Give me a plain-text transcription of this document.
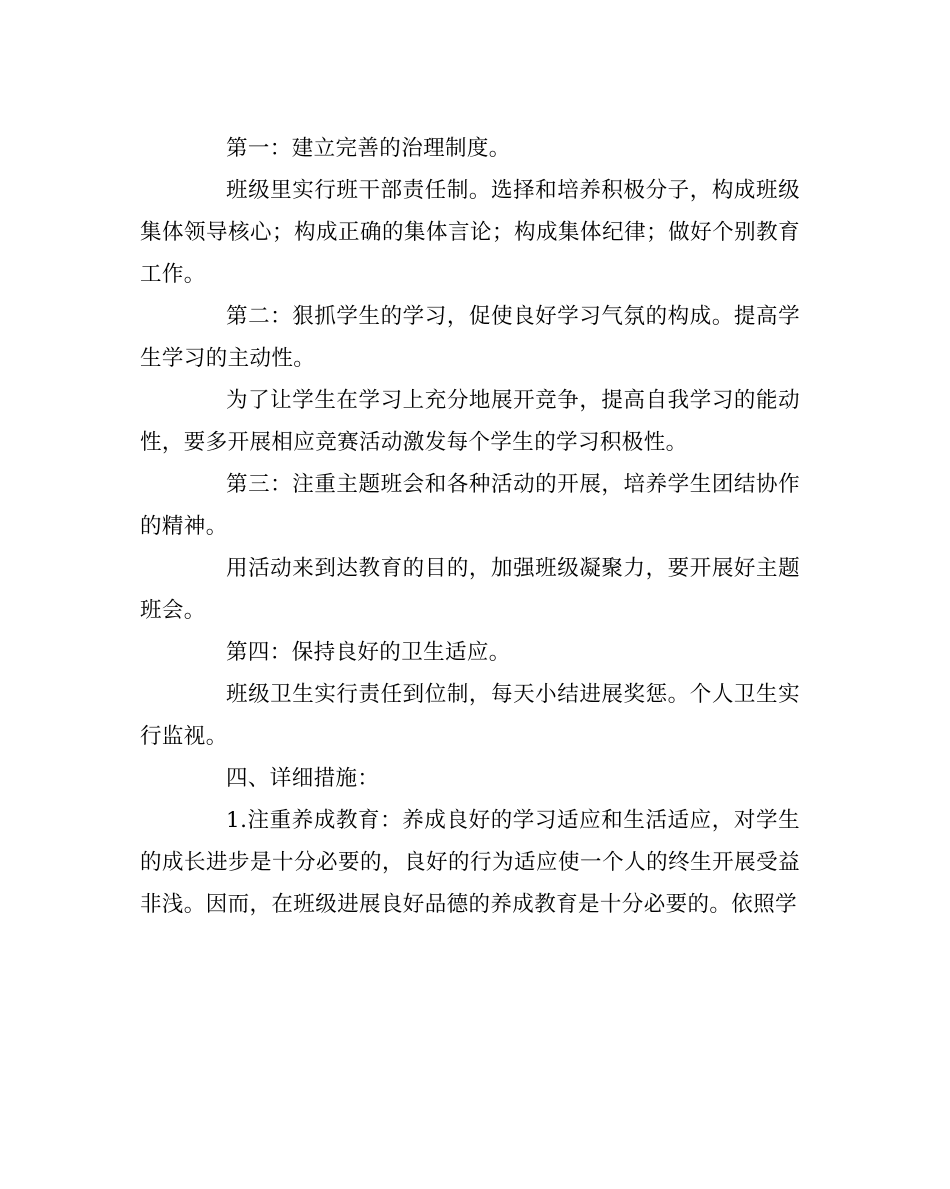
第一：建立完善的治理制度。

班级里实行班干部责任制。选择和培养积极分子，构成班级集体领导核心；构成正确的集体言论；构成集体纪律；做好个别教育工作。

第二：狠抓学生的学习，促使良好学习气氛的构成。提高学生学习的主动性。

为了让学生在学习上充分地展开竞争，提高自我学习的能动性，要多开展相应竞赛活动激发每个学生的学习积极性。

第三：注重主题班会和各种活动的开展，培养学生团结协作的精神。

用活动来到达教育的目的，加强班级凝聚力，要开展好主题班会。

第四：保持良好的卫生适应。

班级卫生实行责任到位制，每天小结进展奖惩。个人卫生实行监视。

四、详细措施：

1.注重养成教育：养成良好的学习适应和生活适应，对学生的成长进步是十分必要的，良好的行为适应使一个人的终生开展受益非浅。因而，在班级进展良好品德的养成教育是十分必要的。依照学
